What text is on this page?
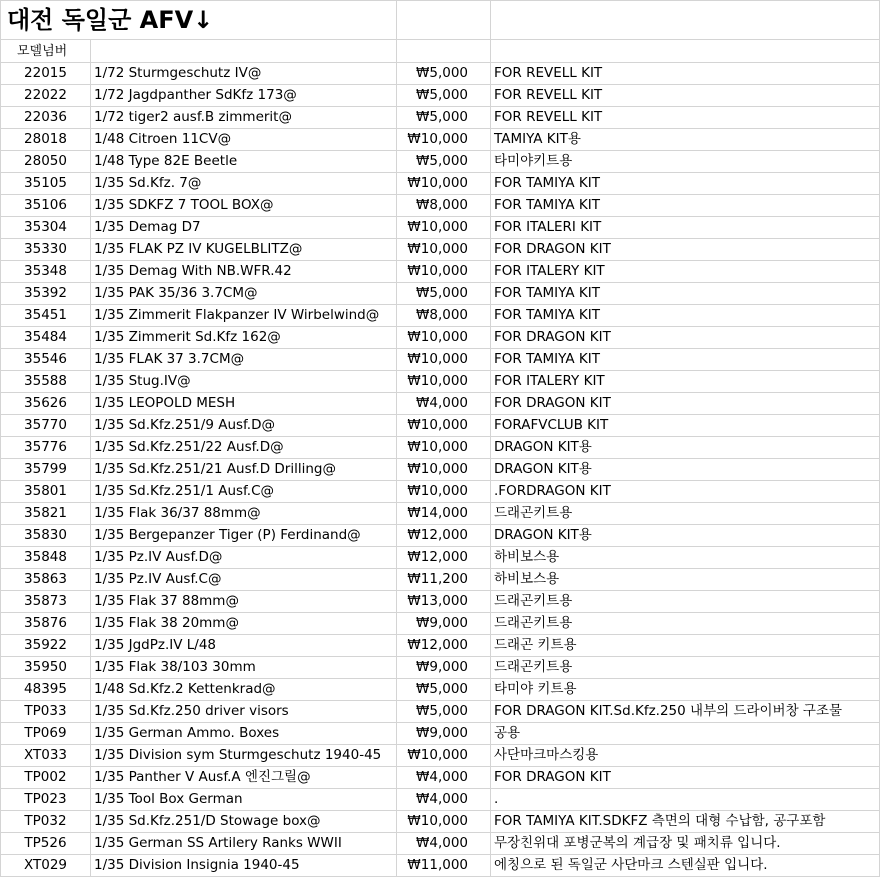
대전 독일군 AFV↓			
모델넘버			
22015	1/72 Sturmgeschutz IV@	₩5,000	FOR REVELL KIT
22022	1/72 Jagdpanther SdKfz 173@	₩5,000	FOR REVELL KIT
22036	1/72 tiger2 ausf.B zimmerit@	₩5,000	FOR REVELL KIT
28018	1/48 Citroen 11CV@	₩10,000	TAMIYA KIT용
28050	1/48 Type 82E Beetle	₩5,000	타미야키트용
35105	1/35 Sd.Kfz. 7@	₩10,000	FOR TAMIYA KIT
35106	1/35 SDKFZ 7 TOOL BOX@	₩8,000	FOR TAMIYA KIT
35304	1/35 Demag D7	₩10,000	FOR ITALERI KIT
35330	1/35 FLAK PZ IV KUGELBLITZ@	₩10,000	FOR DRAGON KIT
35348	1/35 Demag With NB.WFR.42	₩10,000	FOR ITALERY KIT
35392	1/35 PAK 35/36 3.7CM@	₩5,000	FOR TAMIYA KIT
35451	1/35 Zimmerit Flakpanzer IV Wirbelwind@	₩8,000	FOR TAMIYA KIT
35484	1/35 Zimmerit Sd.Kfz 162@	₩10,000	FOR DRAGON KIT
35546	1/35 FLAK 37 3.7CM@	₩10,000	FOR TAMIYA KIT
35588	1/35 Stug.IV@	₩10,000	FOR ITALERY KIT
35626	1/35 LEOPOLD MESH	₩4,000	FOR DRAGON KIT
35770	1/35 Sd.Kfz.251/9 Ausf.D@	₩10,000	FORAFVCLUB KIT
35776	1/35 Sd.Kfz.251/22 Ausf.D@	₩10,000	DRAGON KIT용
35799	1/35 Sd.Kfz.251/21 Ausf.D Drilling@	₩10,000	DRAGON KIT용
35801	1/35 Sd.Kfz.251/1 Ausf.C@	₩10,000	.FORDRAGON KIT
35821	1/35 Flak 36/37 88mm@	₩14,000	드래곤키트용
35830	1/35 Bergepanzer Tiger (P) Ferdinand@	₩12,000	DRAGON KIT용
35848	1/35 Pz.IV Ausf.D@	₩12,000	하비보스용
35863	1/35 Pz.IV Ausf.C@	₩11,200	하비보스용
35873	1/35 Flak 37 88mm@	₩13,000	드래곤키트용
35876	1/35 Flak 38 20mm@	₩9,000	드래곤키트용
35922	1/35 JgdPz.IV L/48	₩12,000	드래곤 키트용
35950	1/35 Flak 38/103 30mm	₩9,000	드래곤키트용
48395	1/48 Sd.Kfz.2 Kettenkrad@	₩5,000	타미야 키트용
TP033	1/35 Sd.Kfz.250 driver visors	₩5,000	FOR DRAGON KIT.Sd.Kfz.250 내부의 드라이버창 구조물
TP069	1/35 German Ammo. Boxes	₩9,000	공용
XT033	1/35 Division sym Sturmgeschutz 1940-45	₩10,000	사단마크마스킹용
TP002	1/35 Panther V Ausf.A 엔진그릴@	₩4,000	FOR DRAGON KIT
TP023	1/35 Tool Box German	₩4,000	.
TP032	1/35 Sd.Kfz.251/D Stowage box@	₩10,000	FOR TAMIYA KIT.SDKFZ 측면의 대형 수납함, 공구포함
TP526	1/35 German SS Artilery Ranks WWII	₩4,000	무장친위대 포병군복의 계급장 및 패치류 입니다.
XT029	1/35 Division Insignia 1940-45	₩11,000	에칭으로 된 독일군 사단마크 스텐실판 입니다.
